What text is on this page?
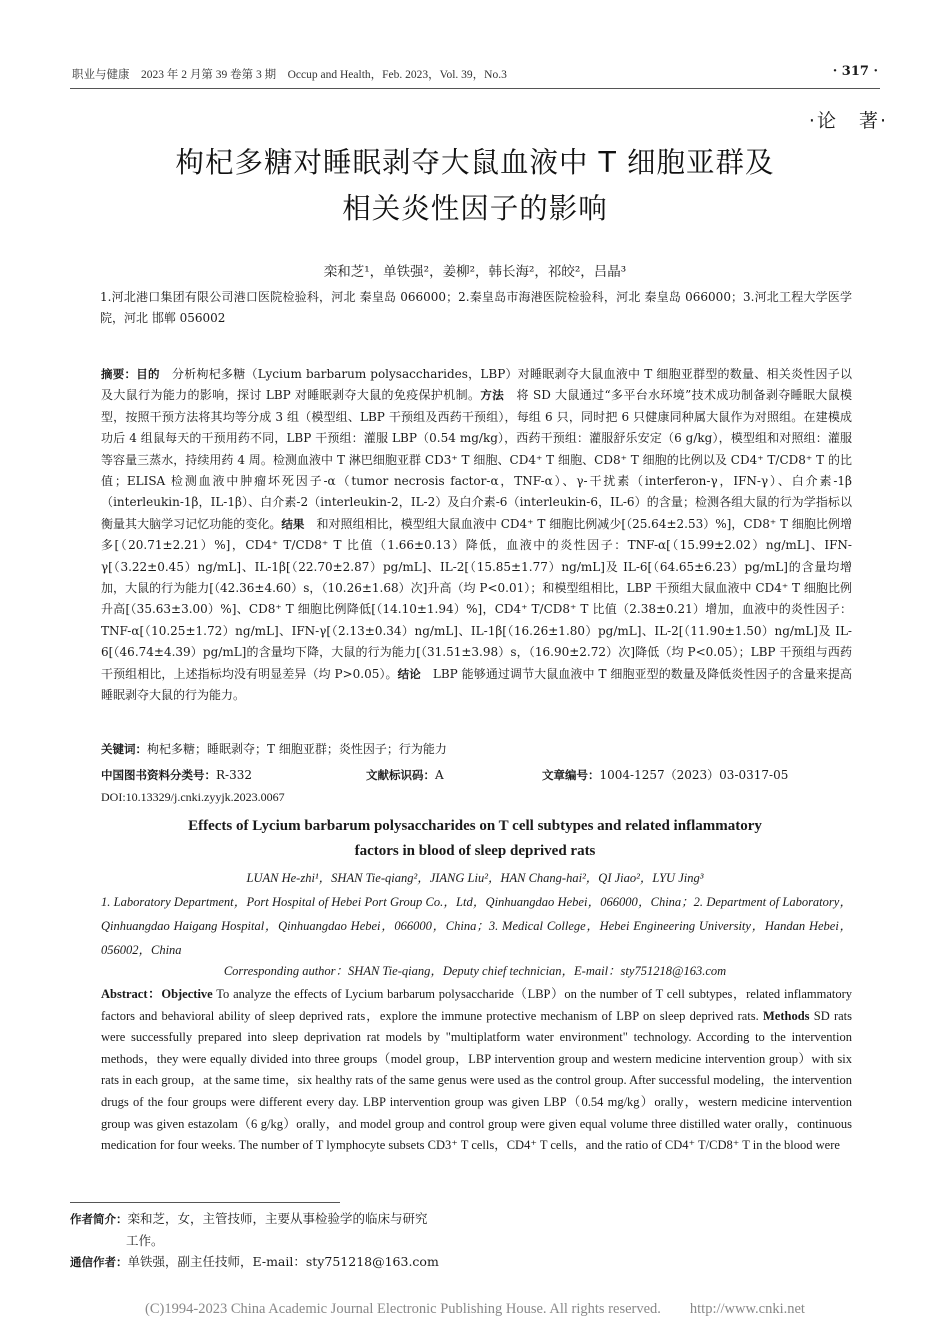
职业与健康　2023 年 2 月第 39 卷第 3 期　Occup and Health，Feb. 2023，Vol. 39，No.3	· 317 ·
·论　著·
枸杞多糖对睡眠剥夺大鼠血液中 T 细胞亚群及
相关炎性因子的影响
栾和芝¹，单铁强²，姜柳²，韩长海²，祁皎²，吕晶³
1.河北港口集团有限公司港口医院检验科，河北 秦皇岛 066000；2.秦皇岛市海港医院检验科，河北 秦皇岛 066000；3.河北工程大学医学院，河北 邯郸 056002
摘要：目的　分析枸杞多糖（Lycium barbarum polysaccharides，LBP）对睡眠剥夺大鼠血液中 T 细胞亚群型的数量、相关炎性因子以及大鼠行为能力的影响，探讨 LBP 对睡眠剥夺大鼠的免疫保护机制。方法　将 SD 大鼠通过“多平台水环境”技术成功制备剥夺睡眠大鼠模型，按照干预方法将其均等分成 3 组（模型组、LBP 干预组及西药干预组），每组 6 只，同时把 6 只健康同种属大鼠作为对照组。在建模成功后 4 组鼠每天的干预用药不同，LBP 干预组：灌服 LBP（0.54 mg/kg），西药干预组：灌服舒乐安定（6 g/kg），模型组和对照组：灌服等容量三蒸水，持续用药 4 周。检测血液中 T 淋巴细胞亚群 CD3⁺ T 细胞、CD4⁺ T 细胞、CD8⁺ T 细胞的比例以及 CD4⁺ T/CD8⁺ T 的比值；ELISA 检测血液中肿瘤坏死因子-α（tumor necrosis factor-α，TNF-α）、γ-干扰素（interferon-γ，IFN-γ）、白介素-1β（interleukin-1β，IL-1β）、白介素-2（interleukin-2，IL-2）及白介素-6（interleukin-6，IL-6）的含量；检测各组大鼠的行为学指标以衡量其大脑学习记忆功能的变化。结果　和对照组相比，模型组大鼠血液中 CD4⁺ T 细胞比例减少[（25.64±2.53）%]，CD8⁺ T 细胞比例增多[（20.71±2.21）%]，CD4⁺ T/CD8⁺ T 比值（1.66±0.13）降低，血液中的炎性因子：TNF-α[（15.99±2.02）ng/mL]、IFN-γ[（3.22±0.45）ng/mL]、IL-1β[（22.70±2.87）pg/mL]、IL-2[（15.85±1.77）ng/mL]及 IL-6[（64.65±6.23）pg/mL]的含量均增加，大鼠的行为能力[（42.36±4.60）s，（10.26±1.68）次]升高（均 P<0.01）；和模型组相比，LBP 干预组大鼠血液中 CD4⁺ T 细胞比例升高[（35.63±3.00）%]、CD8⁺ T 细胞比例降低[（14.10±1.94）%]，CD4⁺ T/CD8⁺ T 比值（2.38±0.21）增加，血液中的炎性因子：TNF-α[（10.25±1.72）ng/mL]、IFN-γ[（2.13±0.34）ng/mL]、IL-1β[（16.26±1.80）pg/mL]、IL-2[（11.90±1.50）ng/mL]及 IL-6[（46.74±4.39）pg/mL]的含量均下降，大鼠的行为能力[（31.51±3.98）s，（16.90±2.72）次]降低（均 P<0.05）；LBP 干预组与西药干预组相比，上述指标均没有明显差异（均 P>0.05）。结论　LBP 能够通过调节大鼠血液中 T 细胞亚型的数量及降低炎性因子的含量来提高睡眠剥夺大鼠的行为能力。
关键词：枸杞多糖；睡眠剥夺；T 细胞亚群；炎性因子；行为能力
中国图书资料分类号：R-332	文献标识码：A	文章编号：1004-1257（2023）03-0317-05
DOI:10.13329/j.cnki.zyyjk.2023.0067
Effects of Lycium barbarum polysaccharides on T cell subtypes and related inflammatory
factors in blood of sleep deprived rats
LUAN He-zhi¹，SHAN Tie-qiang²，JIANG Liu²，HAN Chang-hai²，QI Jiao²，LYU Jing³
1. Laboratory Department，Port Hospital of Hebei Port Group Co.，Ltd，Qinhuangdao Hebei，066000，China；2. Department of Laboratory，Qinhuangdao Haigang Hospital，Qinhuangdao Hebei，066000，China；3. Medical College，Hebei Engineering University，Handan Hebei，056002，China
Corresponding author：SHAN Tie-qiang，Deputy chief technician，E-mail：sty751218@163.com
Abstract：Objective To analyze the effects of Lycium barbarum polysaccharide（LBP）on the number of T cell subtypes，related inflammatory factors and behavioral ability of sleep deprived rats，explore the immune protective mechanism of LBP on sleep deprived rats. Methods SD rats were successfully prepared into sleep deprivation rat models by "multiplatform water environment" technology. According to the intervention methods，they were equally divided into three groups（model group，LBP intervention group and western medicine intervention group）with six rats in each group，at the same time，six healthy rats of the same genus were used as the control group. After successful modeling，the intervention drugs of the four groups were different every day. LBP intervention group was given LBP（0.54 mg/kg）orally，western medicine intervention group was given estazolam（6 g/kg）orally，and model group and control group were given equal volume three distilled water orally，continuous medication for four weeks. The number of T lymphocyte subsets CD3⁺ T cells，CD4⁺ T cells，and the ratio of CD4⁺ T/CD8⁺ T in the blood were
作者简介：栾和芝，女，主管技师，主要从事检验学的临床与研究
工作。
通信作者：单铁强，副主任技师，E-mail：sty751218@163.com
(C)1994-2023 China Academic Journal Electronic Publishing House. All rights reserved.　　http://www.cnki.net
